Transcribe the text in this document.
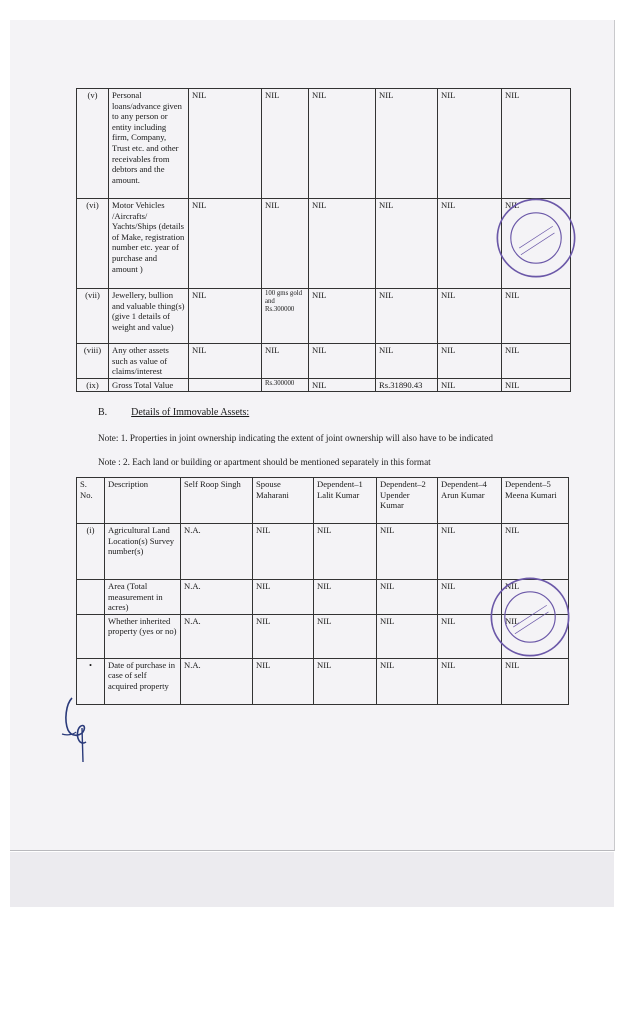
(v)	Personal loans/advance given to any person or entity including firm, Company, Trust etc. and other receivables from debtors and the amount.	NIL	NIL	NIL	NIL	NIL	NIL
(vi)	Motor Vehicles /Aircrafts/ Yachts/Ships (details of Make, registration number etc. year of purchase and amount )	NIL	NIL	NIL	NIL	NIL	NIL
(vii)	Jewellery, bullion and valuable thing(s) (give 1 details of weight and value)	NIL	100 gms gold and Rs.300000	NIL	NIL	NIL	NIL
(viii)	Any other assets such as value of claims/interest	NIL	NIL	NIL	NIL	NIL	NIL
(ix)	Gross Total Value		Rs.300000	NIL	Rs.31890.43	NIL	NIL
B. Details of Immovable Assets:
Note: 1. Properties in joint ownership indicating the extent of joint ownership will also have to be indicated
Note : 2. Each land or building or apartment should be mentioned separately in this format
S. No.	Description	Self Roop Singh	Spouse Maharani	Dependent–1 Lalit Kumar	Dependent–2 Upender Kumar	Dependent–4 Arun Kumar	Dependent–5 Meena Kumari
(i)	Agricultural Land Location(s) Survey number(s)	N.A.	NIL	NIL	NIL	NIL	NIL
	Area (Total measurement in acres)	N.A.	NIL	NIL	NIL	NIL	NIL
	Whether inherited property (yes or no)	N.A.	NIL	NIL	NIL	NIL	NIL
•	Date of purchase in case of self acquired property	N.A.	NIL	NIL	NIL	NIL	NIL
